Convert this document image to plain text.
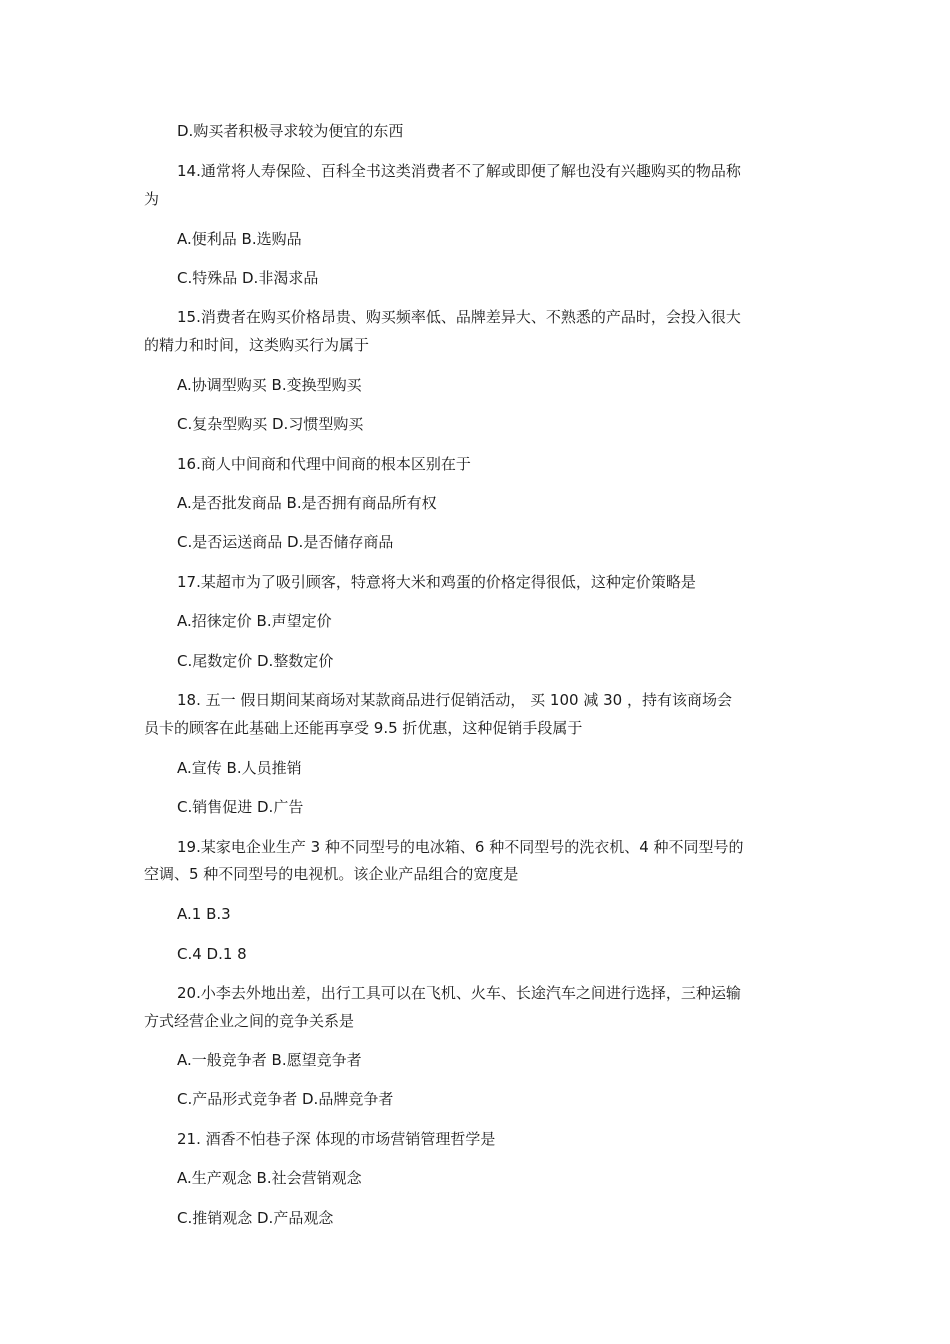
D.购买者积极寻求较为便宜的东西
14.通常将人寿保险、百科全书这类消费者不了解或即便了解也没有兴趣购买的物品称
为
A.便利品 B.选购品
C.特殊品 D.非渴求品
15.消费者在购买价格昂贵、购买频率低、品牌差异大、不熟悉的产品时，会投入很大
的精力和时间，这类购买行为属于
A.协调型购买 B.变换型购买
C.复杂型购买 D.习惯型购买
16.商人中间商和代理中间商的根本区别在于
A.是否批发商品 B.是否拥有商品所有权
C.是否运送商品 D.是否储存商品
17.某超市为了吸引顾客，特意将大米和鸡蛋的价格定得很低，这种定价策略是
A.招徕定价 B.声望定价
C.尾数定价 D.整数定价
18. 五一 假日期间某商场对某款商品进行促销活动， 买 100 减 30 ，持有该商场会
员卡的顾客在此基础上还能再享受 9.5 折优惠，这种促销手段属于
A.宣传 B.人员推销
C.销售促进 D.广告
19.某家电企业生产 3 种不同型号的电冰箱、6 种不同型号的洗衣机、4 种不同型号的
空调、5 种不同型号的电视机。该企业产品组合的宽度是
A.1 B.3
C.4 D.1 8
20.小李去外地出差，出行工具可以在飞机、火车、长途汽车之间进行选择，三种运输
方式经营企业之间的竞争关系是
A.一般竞争者 B.愿望竞争者
C.产品形式竞争者 D.品牌竞争者
21. 酒香不怕巷子深 体现的市场营销管理哲学是
A.生产观念 B.社会营销观念
C.推销观念 D.产品观念
